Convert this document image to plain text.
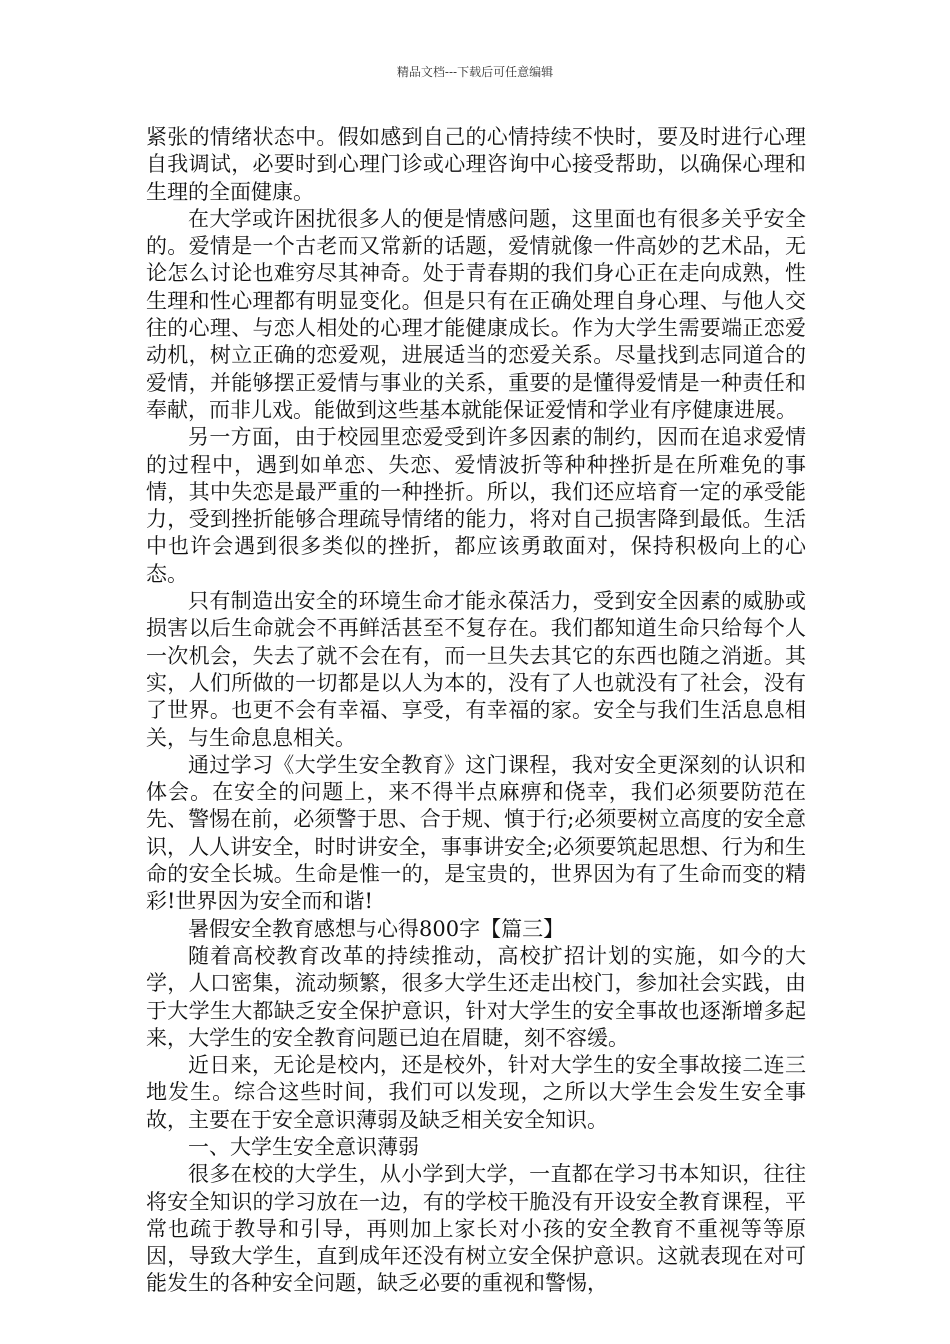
精品文档---下载后可任意编辑

紧张的情绪状态中。假如感到自己的心情持续不快时，要及时进行心理自我调试，必要时到心理门诊或心理咨询中心接受帮助，以确保心理和生理的全面健康。

在大学或许困扰很多人的便是情感问题，这里面也有很多关乎安全的。爱情是一个古老而又常新的话题，爱情就像一件高妙的艺术品，无论怎么讨论也难穷尽其神奇。处于青春期的我们身心正在走向成熟，性生理和性心理都有明显变化。但是只有在正确处理自身心理、与他人交往的心理、与恋人相处的心理才能健康成长。作为大学生需要端正恋爱动机，树立正确的恋爱观，进展适当的恋爱关系。尽量找到志同道合的爱情，并能够摆正爱情与事业的关系，重要的是懂得爱情是一种责任和奉献，而非儿戏。能做到这些基本就能保证爱情和学业有序健康进展。

另一方面，由于校园里恋爱受到许多因素的制约，因而在追求爱情的过程中，遇到如单恋、失恋、爱情波折等种种挫折是在所难免的事情，其中失恋是最严重的一种挫折。所以，我们还应培育一定的承受能力，受到挫折能够合理疏导情绪的能力，将对自己损害降到最低。生活中也许会遇到很多类似的挫折，都应该勇敢面对，保持积极向上的心态。

只有制造出安全的环境生命才能永葆活力，受到安全因素的威胁或损害以后生命就会不再鲜活甚至不复存在。我们都知道生命只给每个人一次机会，失去了就不会在有，而一旦失去其它的东西也随之消逝。其实，人们所做的一切都是以人为本的，没有了人也就没有了社会，没有了世界。也更不会有幸福、享受，有幸福的家。安全与我们生活息息相关，与生命息息相关。

通过学习《大学生安全教育》这门课程，我对安全更深刻的认识和体会。在安全的问题上，来不得半点麻痹和侥幸，我们必须要防范在先、警惕在前，必须警于思、合于规、慎于行;必须要树立高度的安全意识，人人讲安全，时时讲安全，事事讲安全;必须要筑起思想、行为和生命的安全长城。生命是惟一的，是宝贵的，世界因为有了生命而变的精彩!世界因为安全而和谐!

暑假安全教育感想与心得800字【篇三】

随着高校教育改革的持续推动，高校扩招计划的实施，如今的大学，人口密集，流动频繁，很多大学生还走出校门，参加社会实践，由于大学生大都缺乏安全保护意识，针对大学生的安全事故也逐渐增多起来，大学生的安全教育问题已迫在眉睫，刻不容缓。

近日来，无论是校内，还是校外，针对大学生的安全事故接二连三地发生。综合这些时间，我们可以发现，之所以大学生会发生安全事故，主要在于安全意识薄弱及缺乏相关安全知识。

一、大学生安全意识薄弱

很多在校的大学生，从小学到大学，一直都在学习书本知识，往往将安全知识的学习放在一边，有的学校干脆没有开设安全教育课程，平常也疏于教导和引导，再则加上家长对小孩的安全教育不重视等等原因，导致大学生，直到成年还没有树立安全保护意识。这就表现在对可能发生的各种安全问题，缺乏必要的重视和警惕，
